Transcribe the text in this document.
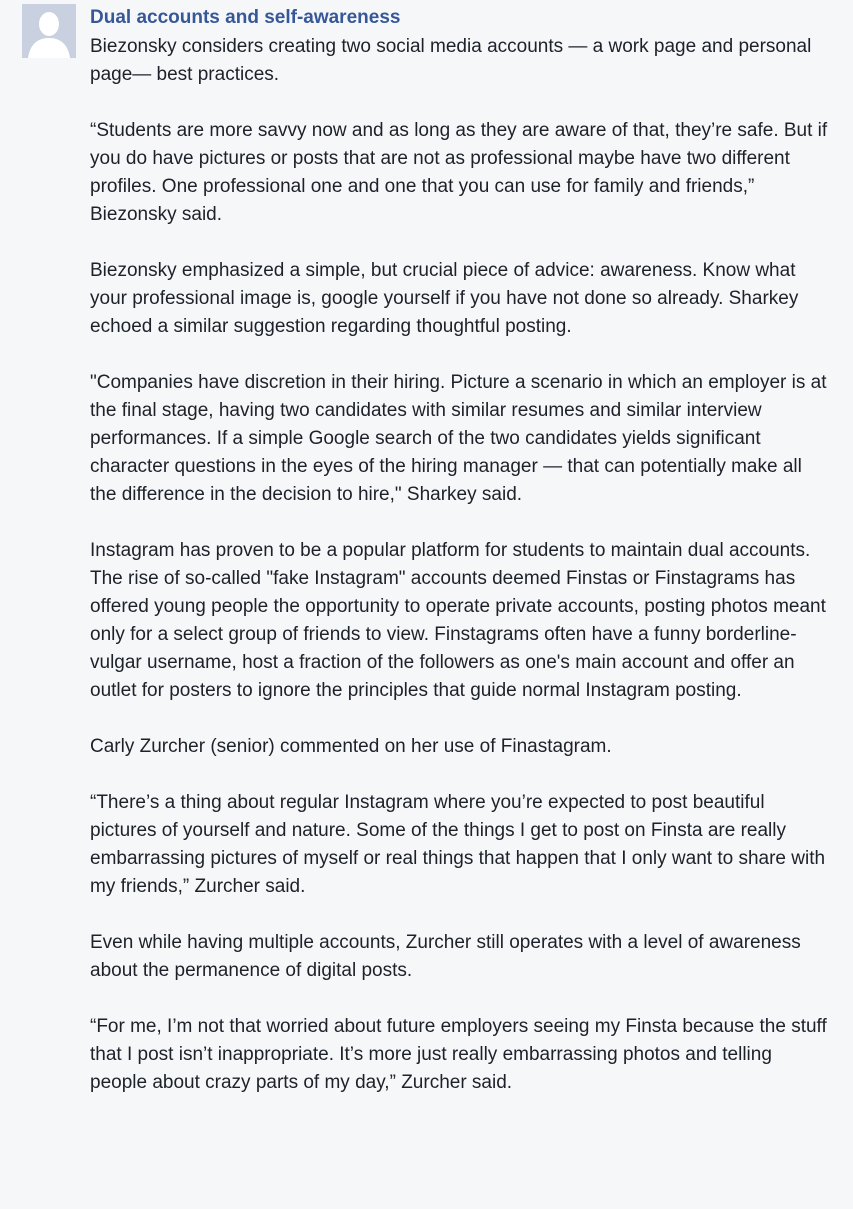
Dual accounts and self-awareness

Biezonsky considers creating two social media accounts — a work page and personal page— best practices.

“Students are more savvy now and as long as they are aware of that, they’re safe. But if you do have pictures or posts that are not as professional maybe have two different profiles. One professional one and one that you can use for family and friends,” Biezonsky said.

Biezonsky emphasized a simple, but crucial piece of advice: awareness. Know what your professional image is, google yourself if you have not done so already. Sharkey echoed a similar suggestion regarding thoughtful posting.

"Companies have discretion in their hiring. Picture a scenario in which an employer is at the final stage, having two candidates with similar resumes and similar interview performances. If a simple Google search of the two candidates yields significant character questions in the eyes of the hiring manager — that can potentially make all the difference in the decision to hire," Sharkey said.

Instagram has proven to be a popular platform for students to maintain dual accounts. The rise of so-called "fake Instagram" accounts deemed Finstas or Finstagrams has offered young people the opportunity to operate private accounts, posting photos meant only for a select group of friends to view. Finstagrams often have a funny borderline-vulgar username, host a fraction of the followers as one's main account and offer an outlet for posters to ignore the principles that guide normal Instagram posting.

Carly Zurcher (senior) commented on her use of Finastagram.

“There’s a thing about regular Instagram where you’re expected to post beautiful pictures of yourself and nature. Some of the things I get to post on Finsta are really embarrassing pictures of myself or real things that happen that I only want to share with my friends,” Zurcher said.

Even while having multiple accounts, Zurcher still operates with a level of awareness about the permanence of digital posts.

“For me, I’m not that worried about future employers seeing my Finsta because the stuff that I post isn’t inappropriate. It’s more just really embarrassing photos and telling people about crazy parts of my day,” Zurcher said.
